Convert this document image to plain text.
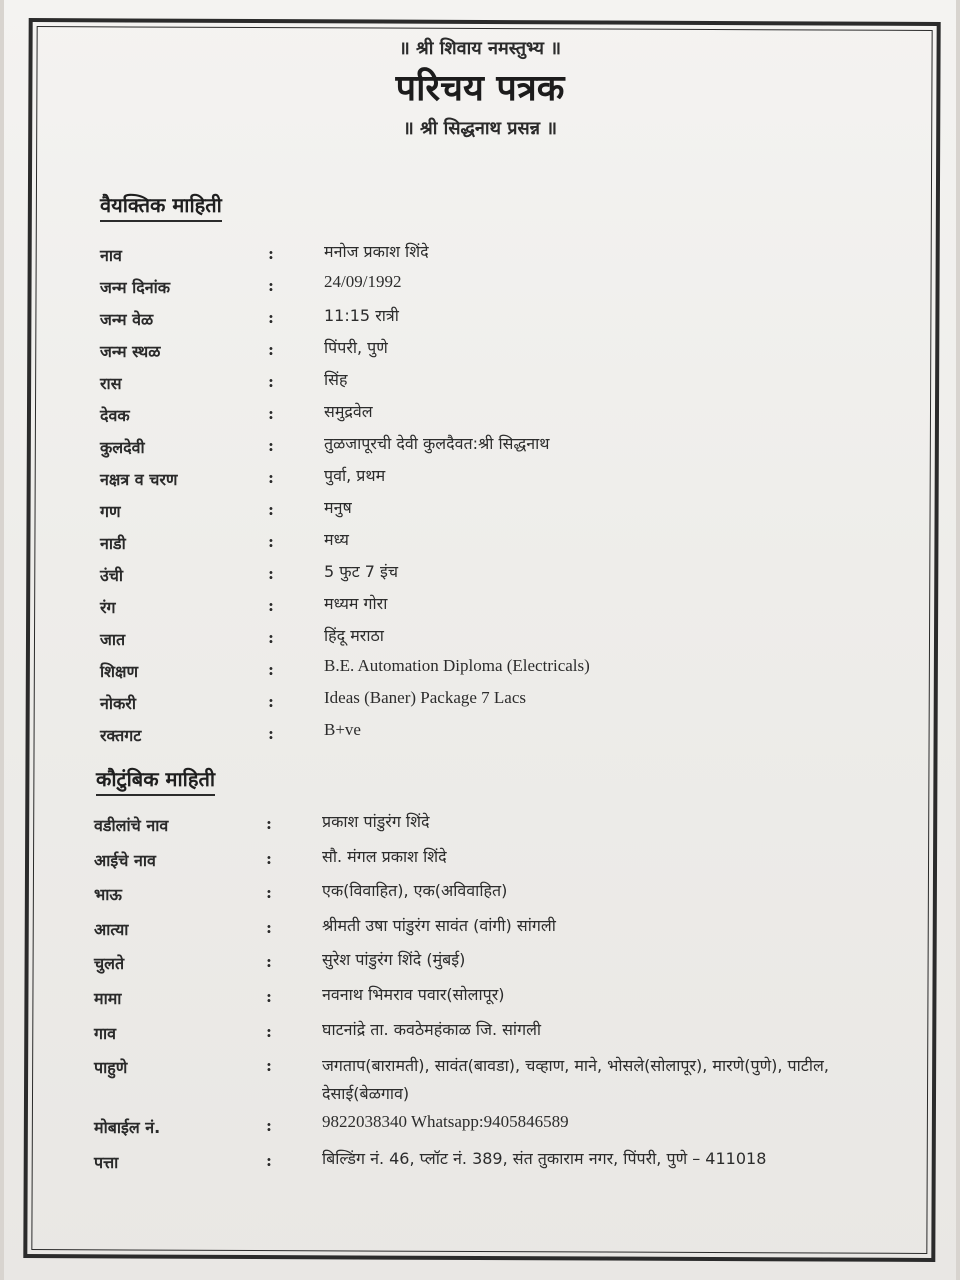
॥ श्री शिवाय नमस्तुभ्य ॥
परिचय पत्रक
॥ श्री सिद्धनाथ प्रसन्न ॥
वैयक्तिक माहिती
नाव	:	मनोज प्रकाश शिंदे
जन्म दिनांक	:	24/09/1992
जन्म वेळ	:	11:15 रात्री
जन्म स्थळ	:	पिंपरी, पुणे
रास	:	सिंह
देवक	:	समुद्रवेल
कुलदेवी	:	तुळजापूरची देवी कुलदैवत:श्री सिद्धनाथ
नक्षत्र व चरण	:	पुर्वा, प्रथम
गण	:	मनुष
नाडी	:	मध्य
उंची	:	5 फुट 7 इंच
रंग	:	मध्यम गोरा
जात	:	हिंदू मराठा
शिक्षण	:	B.E. Automation Diploma (Electricals)
नोकरी	:	Ideas (Baner) Package 7 Lacs
रक्तगट	:	B+ve
कौटुंबिक माहिती
वडीलांचे नाव	:	प्रकाश पांडुरंग शिंदे
आईचे नाव	:	सौ. मंगल प्रकाश शिंदे
भाऊ	:	एक(विवाहित), एक(अविवाहित)
आत्या	:	श्रीमती उषा पांडुरंग सावंत (वांगी) सांगली
चुलते	:	सुरेश पांडुरंग शिंदे (मुंबई)
मामा	:	नवनाथ भिमराव पवार(सोलापूर)
गाव	:	घाटनांद्रे ता. कवठेमहंकाळ जि. सांगली
पाहुणे	:	जगताप(बारामती), सावंत(बावडा), चव्हाण, माने, भोसले(सोलापूर), मारणे(पुणे), पाटील, देसाई(बेळगाव)
मोबाईल नं.	:	9822038340 Whatsapp:9405846589
पत्ता	:	बिल्डिंग नं. 46, प्लॉट नं. 389, संत तुकाराम नगर, पिंपरी, पुणे – 411018
